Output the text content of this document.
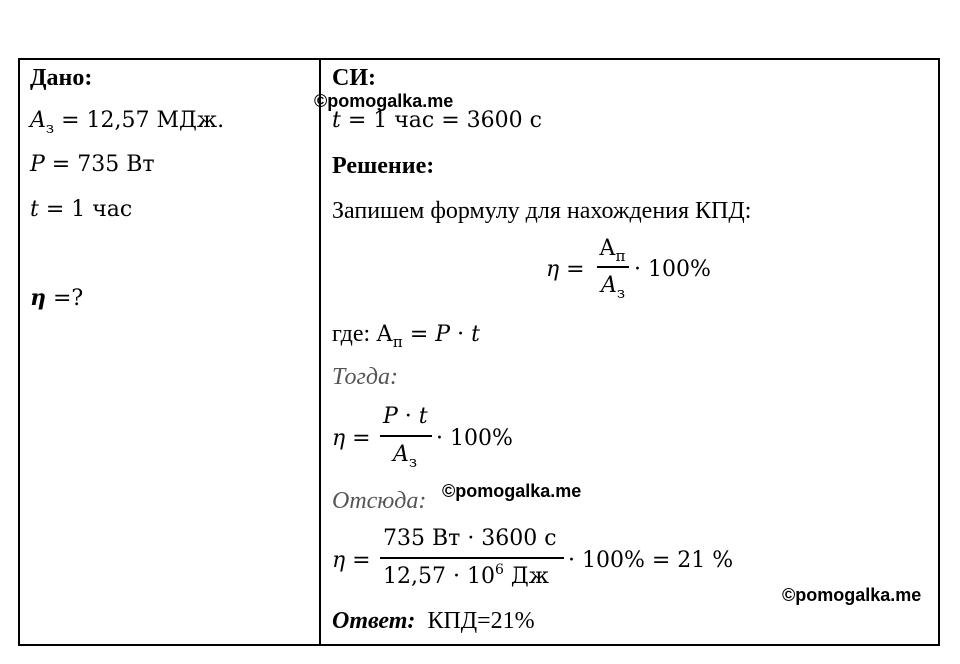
Дано:
$A_з = 12,57$ МДж.
P = 735 Вт
t = 1 час
η =?
СИ:
©pomogalka.me
t = 1 час = 3600 с
Решение:
Запишем формулу для нахождения КПД:
η =
$А_п$
$A_з$
· 100%
где: $А_п = P \cdot t$
Тогда:
η =
P · t
$A_з$
· 100%
Отсюда: ©pomogalka.me
η =
735 Вт · 3600 с
$12,57 \cdot 10^6$ Дж
· 100% = 21 %
©pomogalka.me
Ответ: КПД=21%
